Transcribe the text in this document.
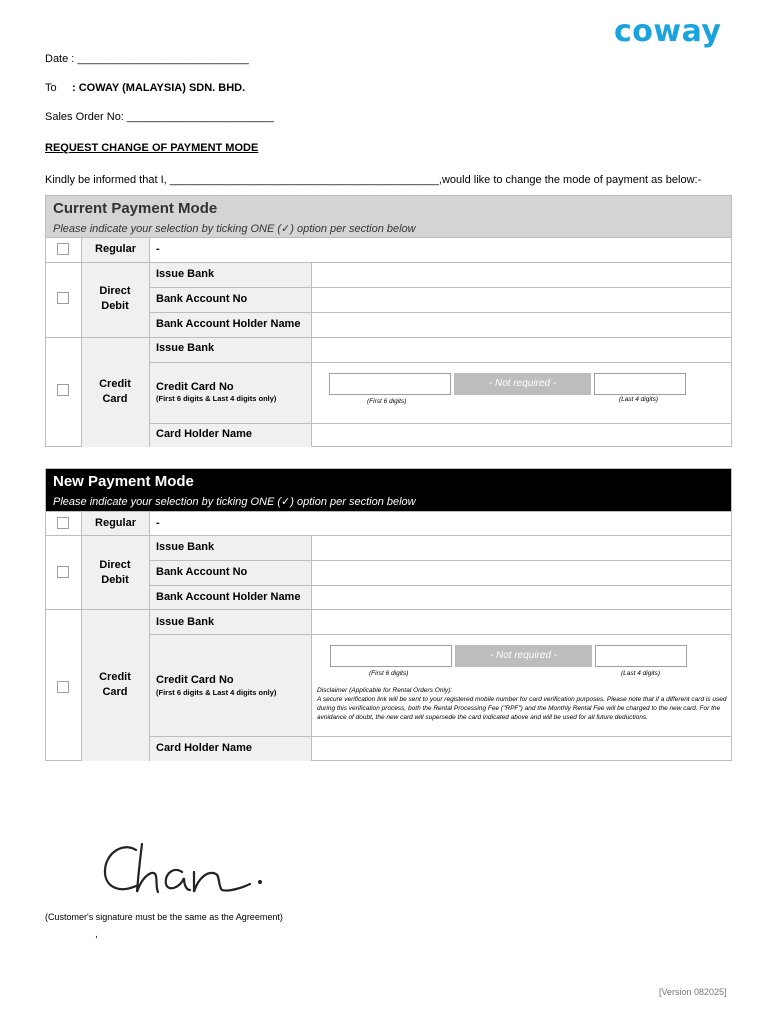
coway
Date : ____________________________
To : COWAY (MALAYSIA) SDN. BHD.
Sales Order No: ________________________
REQUEST CHANGE OF PAYMENT MODE
Kindly be informed that I, ____________________________________________,would like to change the mode of payment as below:-
Current Payment Mode
Please indicate your selection by ticking ONE (✓) option per section below
Regular	-
Direct Debit
Issue Bank
Bank Account No
Bank Account Holder Name
Credit Card
Issue Bank
Credit Card No
(First 6 digits & Last 4 digits only)
- Not required -
(First 6 digits)	(Last 4 digits)
Card Holder Name
New Payment Mode
Please indicate your selection by ticking ONE (✓) option per section below
Regular	-
Direct Debit
Issue Bank
Bank Account No
Bank Account Holder Name
Credit Card
Issue Bank
Credit Card No
(First 6 digits & Last 4 digits only)
- Not required -
(First 6 digits)	(Last 4 digits)
Disclaimer (Applicable for Rental Orders Only):
A secure verification link will be sent to your registered mobile number for card verification purposes. Please note that if a different card is used during this verification process, both the Rental Processing Fee ("RPF") and the Monthly Rental Fee will be charged to the new card. For the avoidance of doubt, the new card will supersede the card indicated above and will be used for all future deductions.
Card Holder Name
(Customer's signature must be the same as the Agreement)
,
[Version 082025]
